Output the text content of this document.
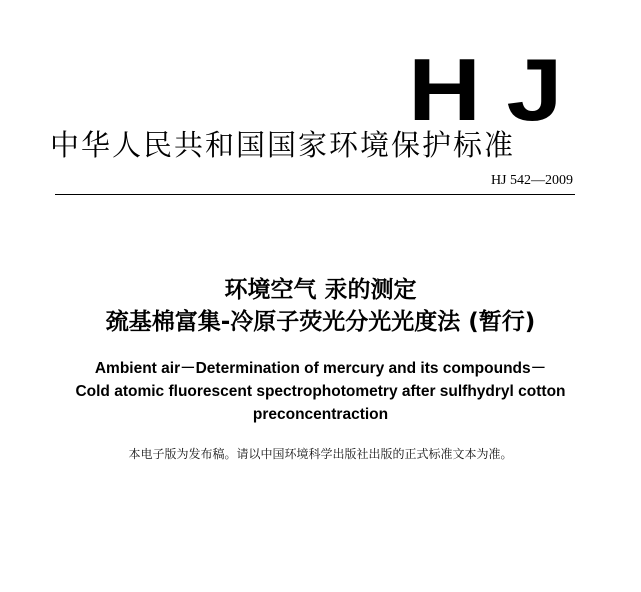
HJ
中华人民共和国国家环境保护标准
HJ 542—2009
环境空气 汞的测定
巯基棉富集-冷原子荧光分光光度法 (暂行)
Ambient air－Determination of mercury and its compounds－
Cold atomic fluorescent spectrophotometry after sulfhydryl cotton
preconcentraction
本电子版为发布稿。请以中国环境科学出版社出版的正式标准文本为准。
